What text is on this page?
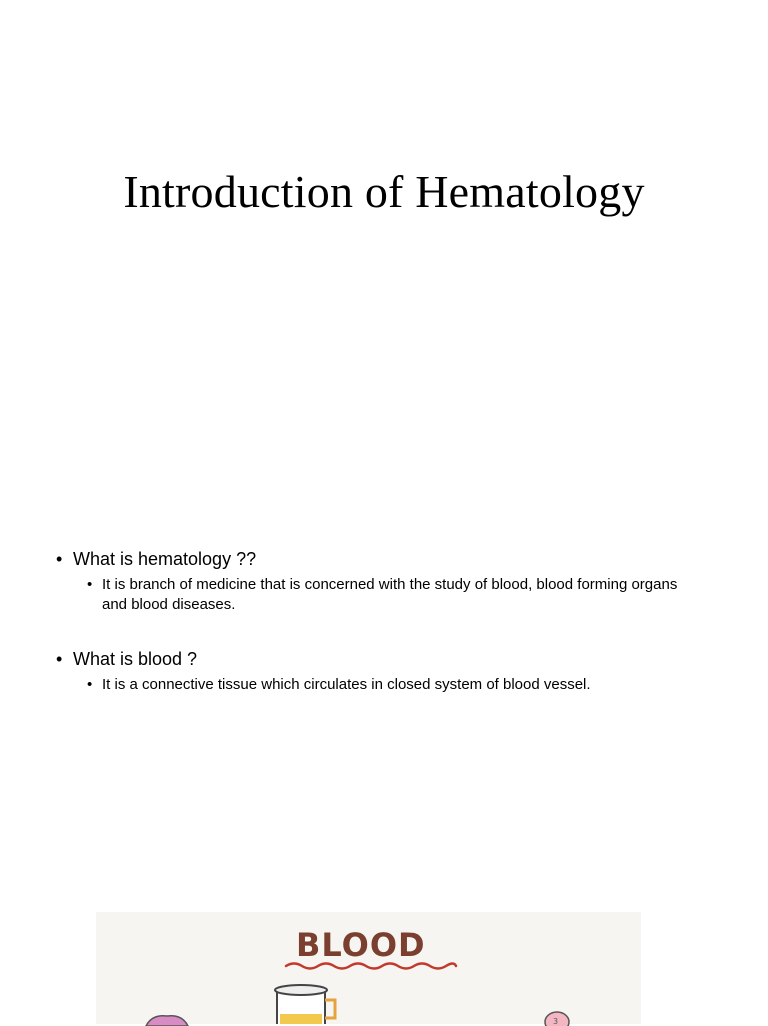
Introduction of Hematology
• What is hematology ??
• It is branch of medicine that is concerned with the study of blood, blood forming organs and blood diseases.
• What is blood ?
• It is a connective tissue which circulates in closed system of blood vessel.
BLOOD
3
